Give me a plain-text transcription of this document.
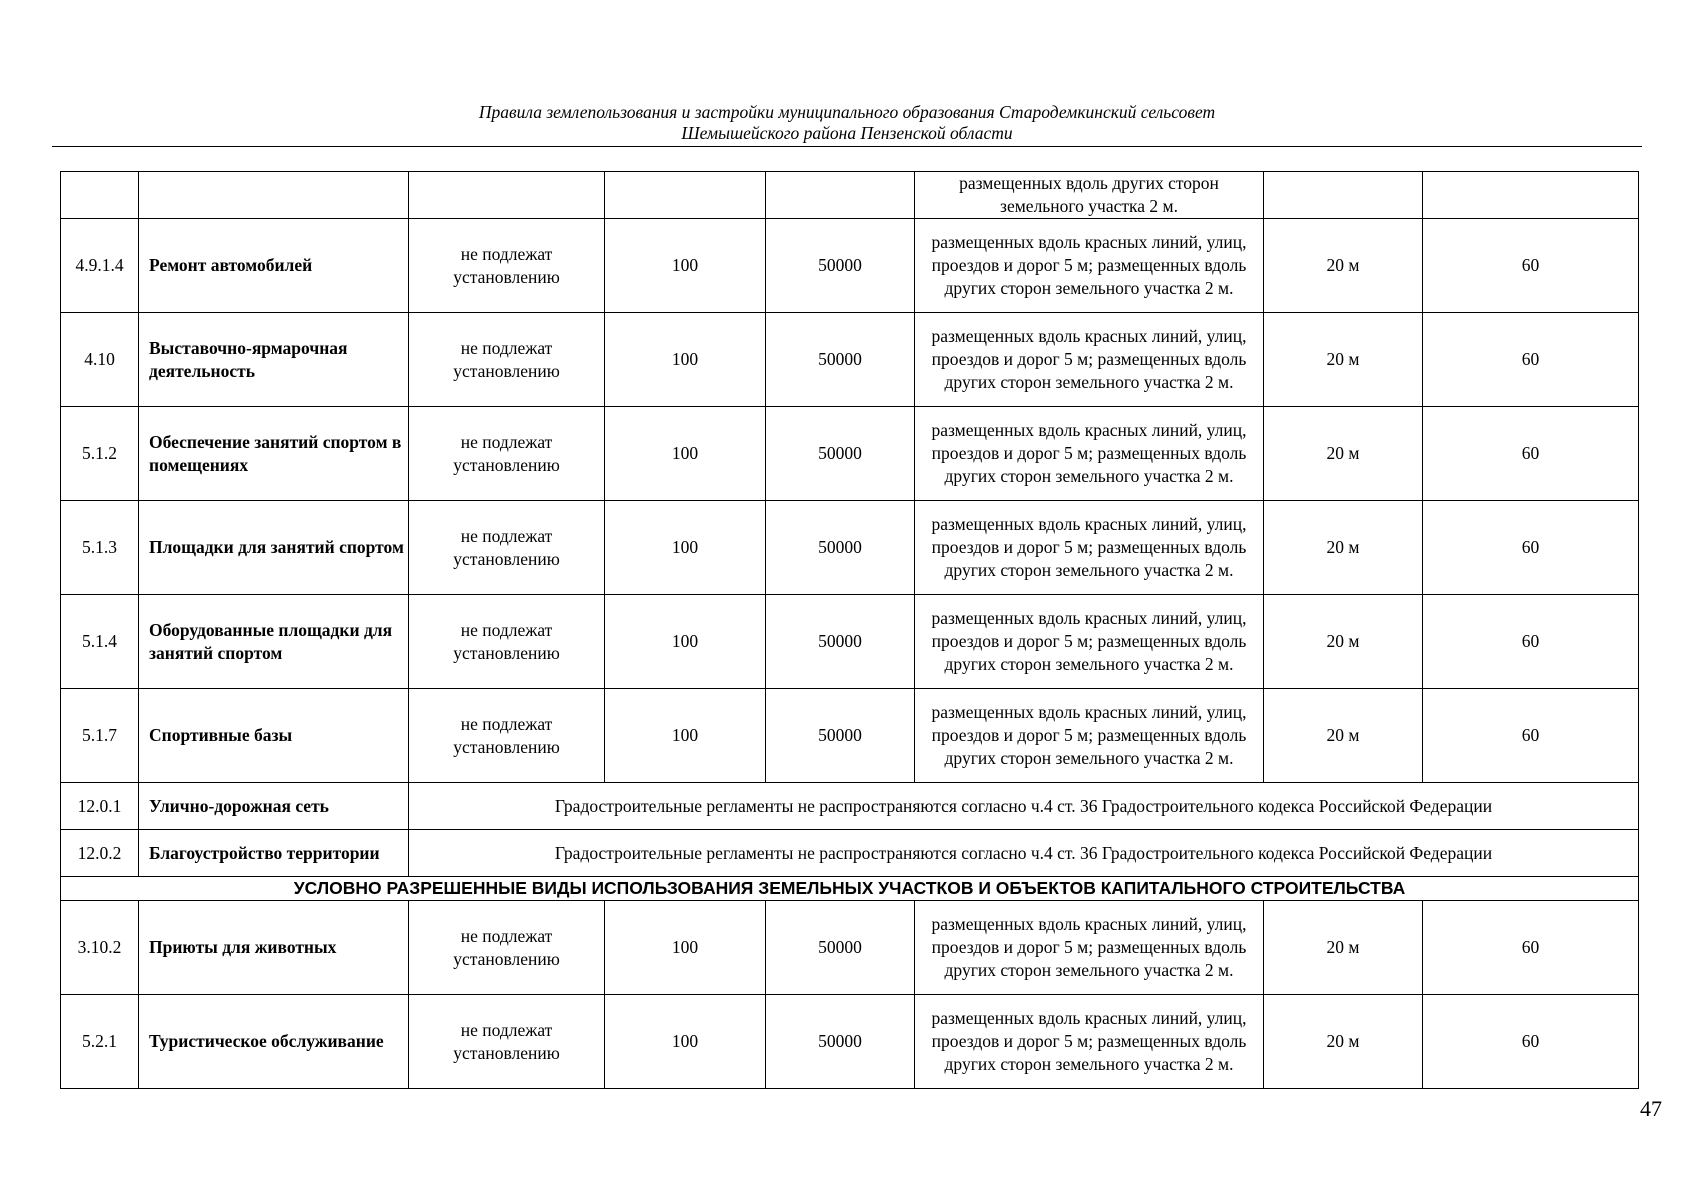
Правила землепользования и застройки муниципального образования Стародемкинский сельсовет
Шемышейского района Пензенской области
					размещенных вдоль других сторон земельного участка 2 м.		
4.9.1.4	Ремонт автомобилей	не подлежат установлению	100	50000	размещенных вдоль красных линий, улиц, проездов и дорог 5 м; размещенных вдоль других сторон земельного участка 2 м.	20 м	60
4.10	Выставочно-ярмарочная деятельность	не подлежат установлению	100	50000	размещенных вдоль красных линий, улиц, проездов и дорог 5 м; размещенных вдоль других сторон земельного участка 2 м.	20 м	60
5.1.2	Обеспечение занятий спортом в помещениях	не подлежат установлению	100	50000	размещенных вдоль красных линий, улиц, проездов и дорог 5 м; размещенных вдоль других сторон земельного участка 2 м.	20 м	60
5.1.3	Площадки для занятий спортом	не подлежат установлению	100	50000	размещенных вдоль красных линий, улиц, проездов и дорог 5 м; размещенных вдоль других сторон земельного участка 2 м.	20 м	60
5.1.4	Оборудованные площадки для занятий спортом	не подлежат установлению	100	50000	размещенных вдоль красных линий, улиц, проездов и дорог 5 м; размещенных вдоль других сторон земельного участка 2 м.	20 м	60
5.1.7	Спортивные базы	не подлежат установлению	100	50000	размещенных вдоль красных линий, улиц, проездов и дорог 5 м; размещенных вдоль других сторон земельного участка 2 м.	20 м	60
12.0.1	Улично-дорожная сеть	Градостроительные регламенты не распространяются согласно ч.4 ст. 36 Градостроительного кодекса Российской Федерации					
12.0.2	Благоустройство территории	Градостроительные регламенты не распространяются согласно ч.4 ст. 36 Градостроительного кодекса Российской Федерации					
УСЛОВНО РАЗРЕШЕННЫЕ ВИДЫ ИСПОЛЬЗОВАНИЯ ЗЕМЕЛЬНЫХ УЧАСТКОВ И ОБЪЕКТОВ КАПИТАЛЬНОГО СТРОИТЕЛЬСТВА							
3.10.2	Приюты для животных	не подлежат установлению	100	50000	размещенных вдоль красных линий, улиц, проездов и дорог 5 м; размещенных вдоль других сторон земельного участка 2 м.	20 м	60
5.2.1	Туристическое обслуживание	не подлежат установлению	100	50000	размещенных вдоль красных линий, улиц, проездов и дорог 5 м; размещенных вдоль других сторон земельного участка 2 м.	20 м	60
47
